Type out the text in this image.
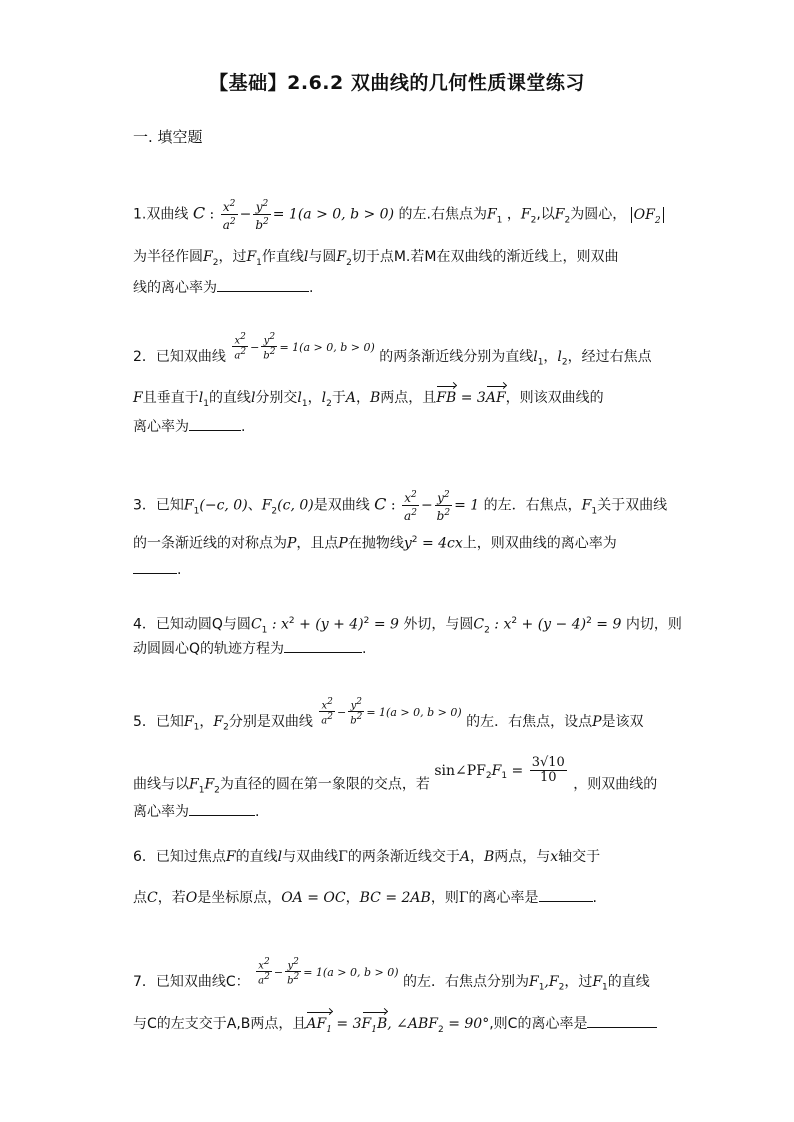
【基础】2.6.2 双曲线的几何性质课堂练习
一. 填空题
1.双曲线 C : $\frac{x^2}{a^2} - \frac{y^2}{b^2} = 1(a > 0$, b > 0) 的左.右焦点为$F_1$ ，$F_2$,以$F_2$为圆心， $OF_2$
为半径作圆$F_2$，过$F_1$作直线l与圆$F_2$切于点M.若M在双曲线的渐近线上，则双曲
线的离心率为	.
2．已知双曲线 $\frac{x^2}{a^2} ^- \frac{y^2}{b^2} ^{= 1(a > 0, b > 0)}$ 的两条渐近线分别为直线$l_1$，$l_2$，经过右焦点
F且垂直于$l_1$的直线l分别交$l_1$，$l_2$于A，B两点，且FB = 3AF，则该双曲线的
离心率为	.
3．已知$F_1(-c$, 0)、$F_2(c$, 0)是双曲线 C : $\frac{x^2}{a^2} - \frac{y^2}{b^2} = 1$ 的左．右焦点，$F_1$关于双曲线
的一条渐近线的对称点为P，且点P在抛物线$y^2 = 4cx$上，则双曲线的离心率为
.
4．已知动圆Q与圆$C_1$ : $x^2 + (y + 4)^2 = 9$ 外切，与圆$C_2$ : $x^2 + (y - 4)^2 = 9$ 内切，则
动圆圆心Q的轨迹方程为	.
5．已知$F_1$，$F_2$分别是双曲线 $\frac{x^2}{a^2} ^- \frac{y^2}{b^2} ^{= 1(a > 0, b > 0)}$ 的左．右焦点，设点P是该双
曲线与以$F_1F_2$为直径的圆在第一象限的交点，若 sin∠PF2F1 = $\frac{3√10}{10}$ ，则双曲线的
离心率为	.
6．已知过焦点F的直线l与双曲线Γ的两条渐近线交于A，B两点，与x轴交于
点C，若O是坐标原点，OA = OC，BC = 2AB，则Γ的离心率是	.
7．已知双曲线C： $\frac{x^2}{a^2} ^- \frac{y^2}{b^2} ^{= 1(a > 0, b > 0)}$ 的左．右焦点分别为$F_1,F_2$，过$F_1$的直线
与C的左支交于A,B两点，且$AF_1 = 3F_1B$, $\angle ABF_2 = 90^\circ$,则C的离心率是
